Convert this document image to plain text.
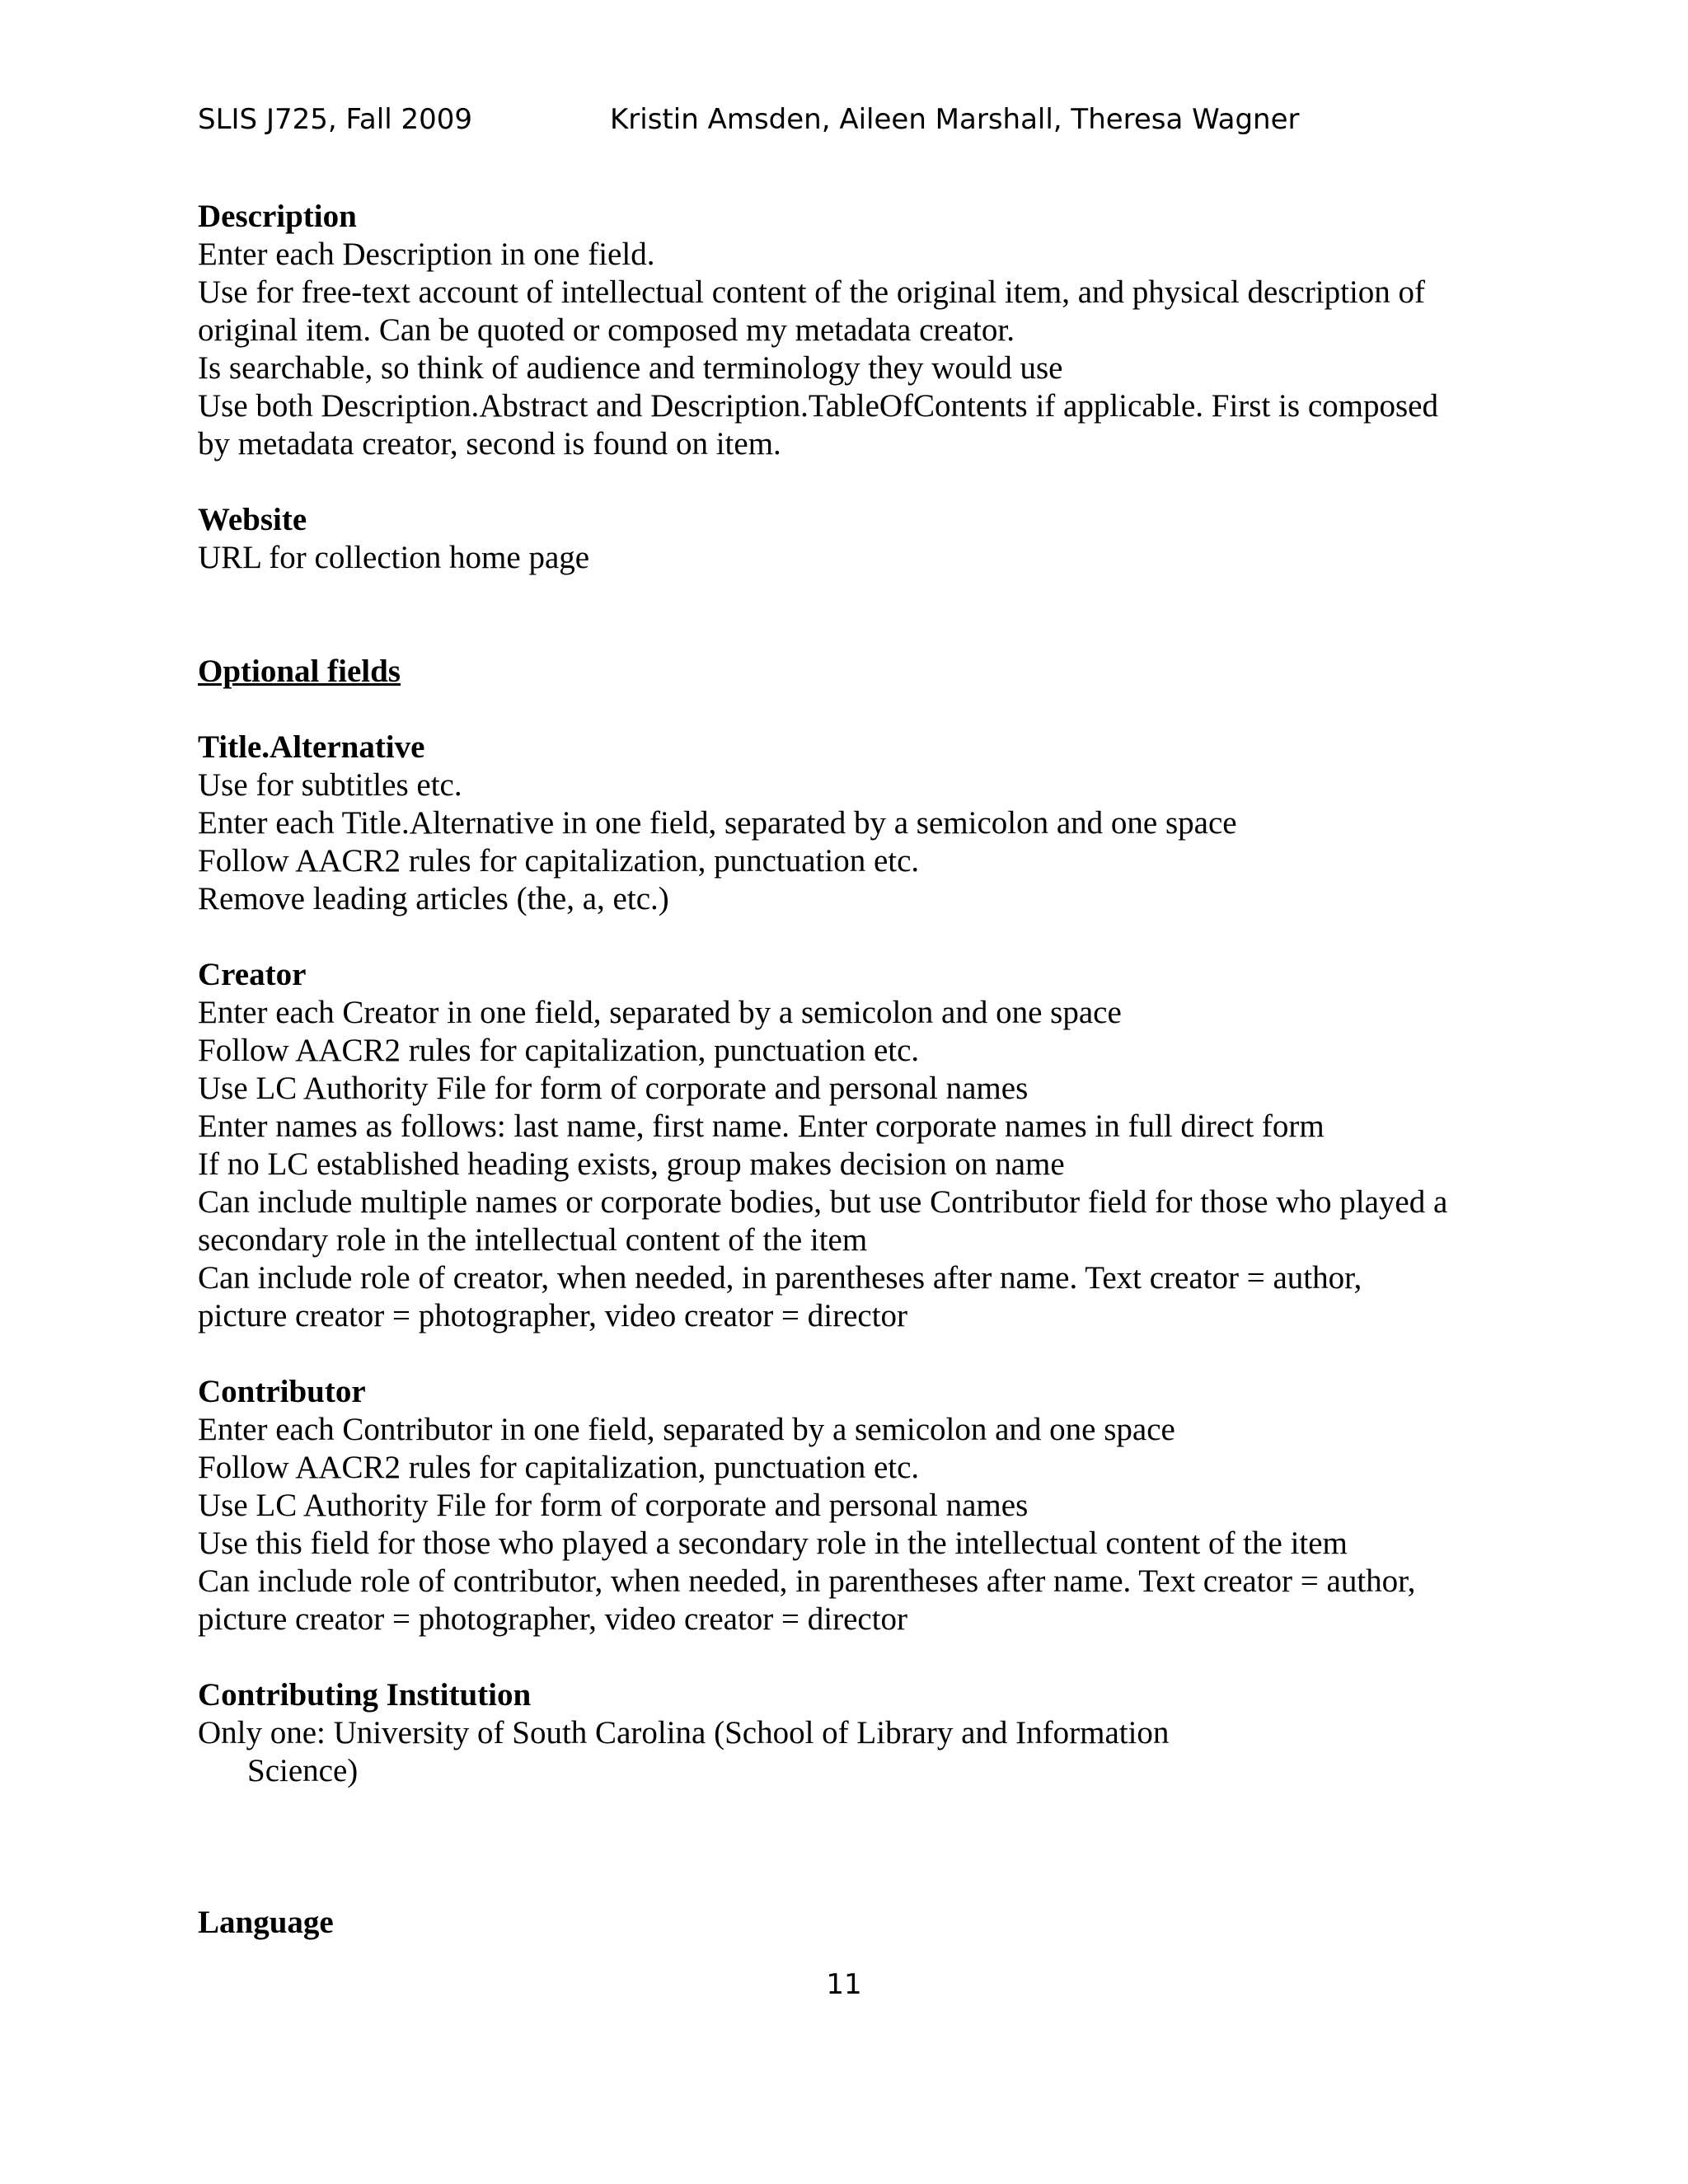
SLIS J725, Fall 2009	Kristin Amsden, Aileen Marshall, Theresa Wagner

Description

Enter each Description in one field.

Use for free-text account of intellectual content of the original item, and physical description of

original item. Can be quoted or composed my metadata creator.

Is searchable, so think of audience and terminology they would use

Use both Description.Abstract and Description.TableOfContents if applicable. First is composed

by metadata creator, second is found on item.

Website

URL for collection home page

Optional fields

Title.Alternative

Use for subtitles etc.

Enter each Title.Alternative in one field, separated by a semicolon and one space

Follow AACR2 rules for capitalization, punctuation etc.

Remove leading articles (the, a, etc.)

Creator

Enter each Creator in one field, separated by a semicolon and one space

Follow AACR2 rules for capitalization, punctuation etc.

Use LC Authority File for form of corporate and personal names

Enter names as follows: last name, first name. Enter corporate names in full direct form

If no LC established heading exists, group makes decision on name

Can include multiple names or corporate bodies, but use Contributor field for those who played a

secondary role in the intellectual content of the item

Can include role of creator, when needed, in parentheses after name. Text creator = author,

picture creator = photographer, video creator = director

Contributor

Enter each Contributor in one field, separated by a semicolon and one space

Follow AACR2 rules for capitalization, punctuation etc.

Use LC Authority File for form of corporate and personal names

Use this field for those who played a secondary role in the intellectual content of the item

Can include role of contributor, when needed, in parentheses after name. Text creator = author,

picture creator = photographer, video creator = director

Contributing Institution

Only one: University of South Carolina (School of Library and Information

Science)

Language

11
